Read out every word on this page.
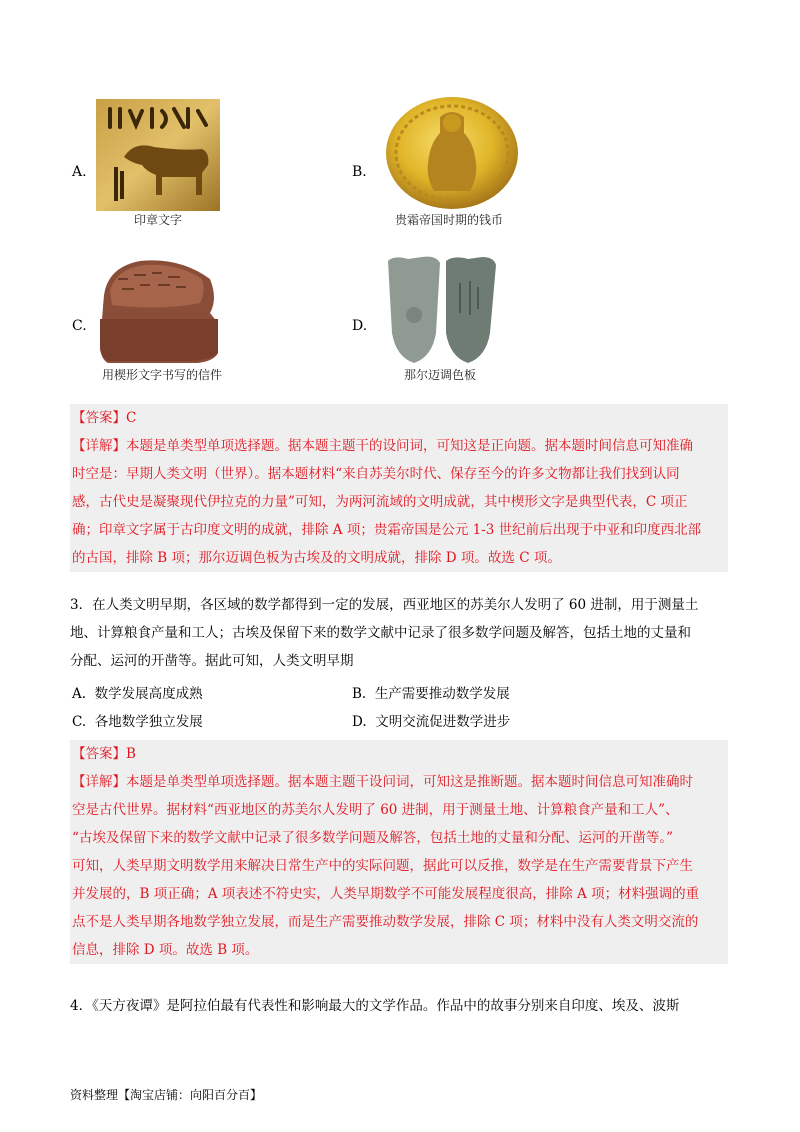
A.
印章文字
B.
贵霜帝国时期的钱币
C.
用楔形文字书写的信件
D.
那尔迈调色板
【答案】C
【详解】本题是单类型单项选择题。据本题主题干的设问词，可知这是正向题。据本题时间信息可知准确
时空是：早期人类文明（世界）。据本题材料“来自苏美尔时代、保存至今的许多文物都让我们找到认同
感，古代史是凝聚现代伊拉克的力量”可知，为两河流域的文明成就，其中楔形文字是典型代表，C 项正
确；印章文字属于古印度文明的成就，排除 A 项；贵霜帝国是公元 1-3 世纪前后出现于中亚和印度西北部
的古国，排除 B 项；那尔迈调色板为古埃及的文明成就，排除 D 项。故选 C 项。
3．在人类文明早期，各区域的数学都得到一定的发展，西亚地区的苏美尔人发明了 60 进制，用于测量土
地、计算粮食产量和工人；古埃及保留下来的数学文献中记录了很多数学问题及解答，包括土地的丈量和
分配、运河的开凿等。据此可知，人类文明早期
A. 数学发展高度成熟	B. 生产需要推动数学发展
C. 各地数学独立发展	D. 文明交流促进数学进步
【答案】B
【详解】本题是单类型单项选择题。据本题主题干设问词，可知这是推断题。据本题时间信息可知准确时
空是古代世界。据材料“西亚地区的苏美尔人发明了 60 进制，用于测量土地、计算粮食产量和工人”、
“古埃及保留下来的数学文献中记录了很多数学问题及解答，包括土地的丈量和分配、运河的开凿等。”
可知，人类早期文明数学用来解决日常生产中的实际问题，据此可以反推，数学是在生产需要背景下产生
并发展的，B 项正确；A 项表述不符史实，人类早期数学不可能发展程度很高，排除 A 项；材料强调的重
点不是人类早期各地数学独立发展，而是生产需要推动数学发展，排除 C 项；材料中没有人类文明交流的
信息，排除 D 项。故选 B 项。
4．《天方夜谭》是阿拉伯最有代表性和影响最大的文学作品。作品中的故事分别来自印度、埃及、波斯
资料整理【淘宝店铺：向阳百分百】
